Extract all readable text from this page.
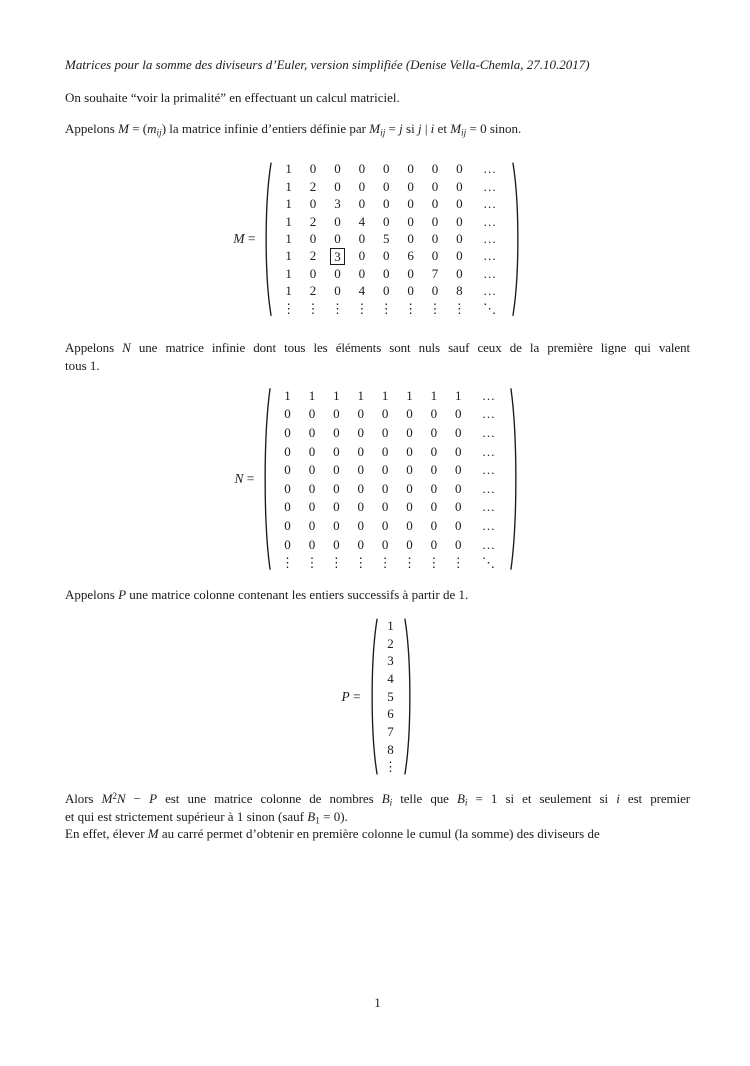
Matrices pour la somme des diviseurs d’Euler, version simplifiée (Denise Vella-Chemla, 27.10.2017)
On souhaite “voir la primalité” en effectuant un calcul matriciel.
Appelons $M = (m_{ij})$ la matrice infinie d’entiers définie par $M_{ij} = j$ si j | i et $M_{ij} = 0$ sinon.
M =
1	0	0	0	0	0	0	0	…
1	2	0	0	0	0	0	0	…
1	0	3	0	0	0	0	0	…
1	2	0	4	0	0	0	0	…
1	0	0	0	5	0	0	0	…
1	2	3	0	0	6	0	0	…
1	0	0	0	0	0	7	0	…
1	2	0	4	0	0	0	8	…
⋮ ⋮ ⋮ ⋮ ⋮ ⋮ ⋮ ⋮	⋱
Appelons N une matrice infinie dont tous les éléments sont nuls sauf ceux de la première ligne qui valent
tous 1.
N =
1	1	1	1	1	1	1	1	…
0	0	0	0	0	0	0	0	…
0	0	0	0	0	0	0	0	…
0	0	0	0	0	0	0	0	…
0	0	0	0	0	0	0	0	…
0	0	0	0	0	0	0	0	…
0	0	0	0	0	0	0	0	…
0	0	0	0	0	0	0	0	…
0	0	0	0	0	0	0	0	…
⋮ ⋮ ⋮ ⋮ ⋮ ⋮ ⋮ ⋮	⋱
Appelons P une matrice colonne contenant les entiers successifs à partir de 1.
P =
1
2
3
4
5
6
7
8
⋮
Alors $M^2N - P$ est une matrice colonne de nombres $B_i$ telle que $B_i = 1$ si et seulement si i est premier
et qui est strictement supérieur à 1 sinon (sauf $B_1 = 0$).
En effet, élever M au carré permet d’obtenir en première colonne le cumul (la somme) des diviseurs de
1
